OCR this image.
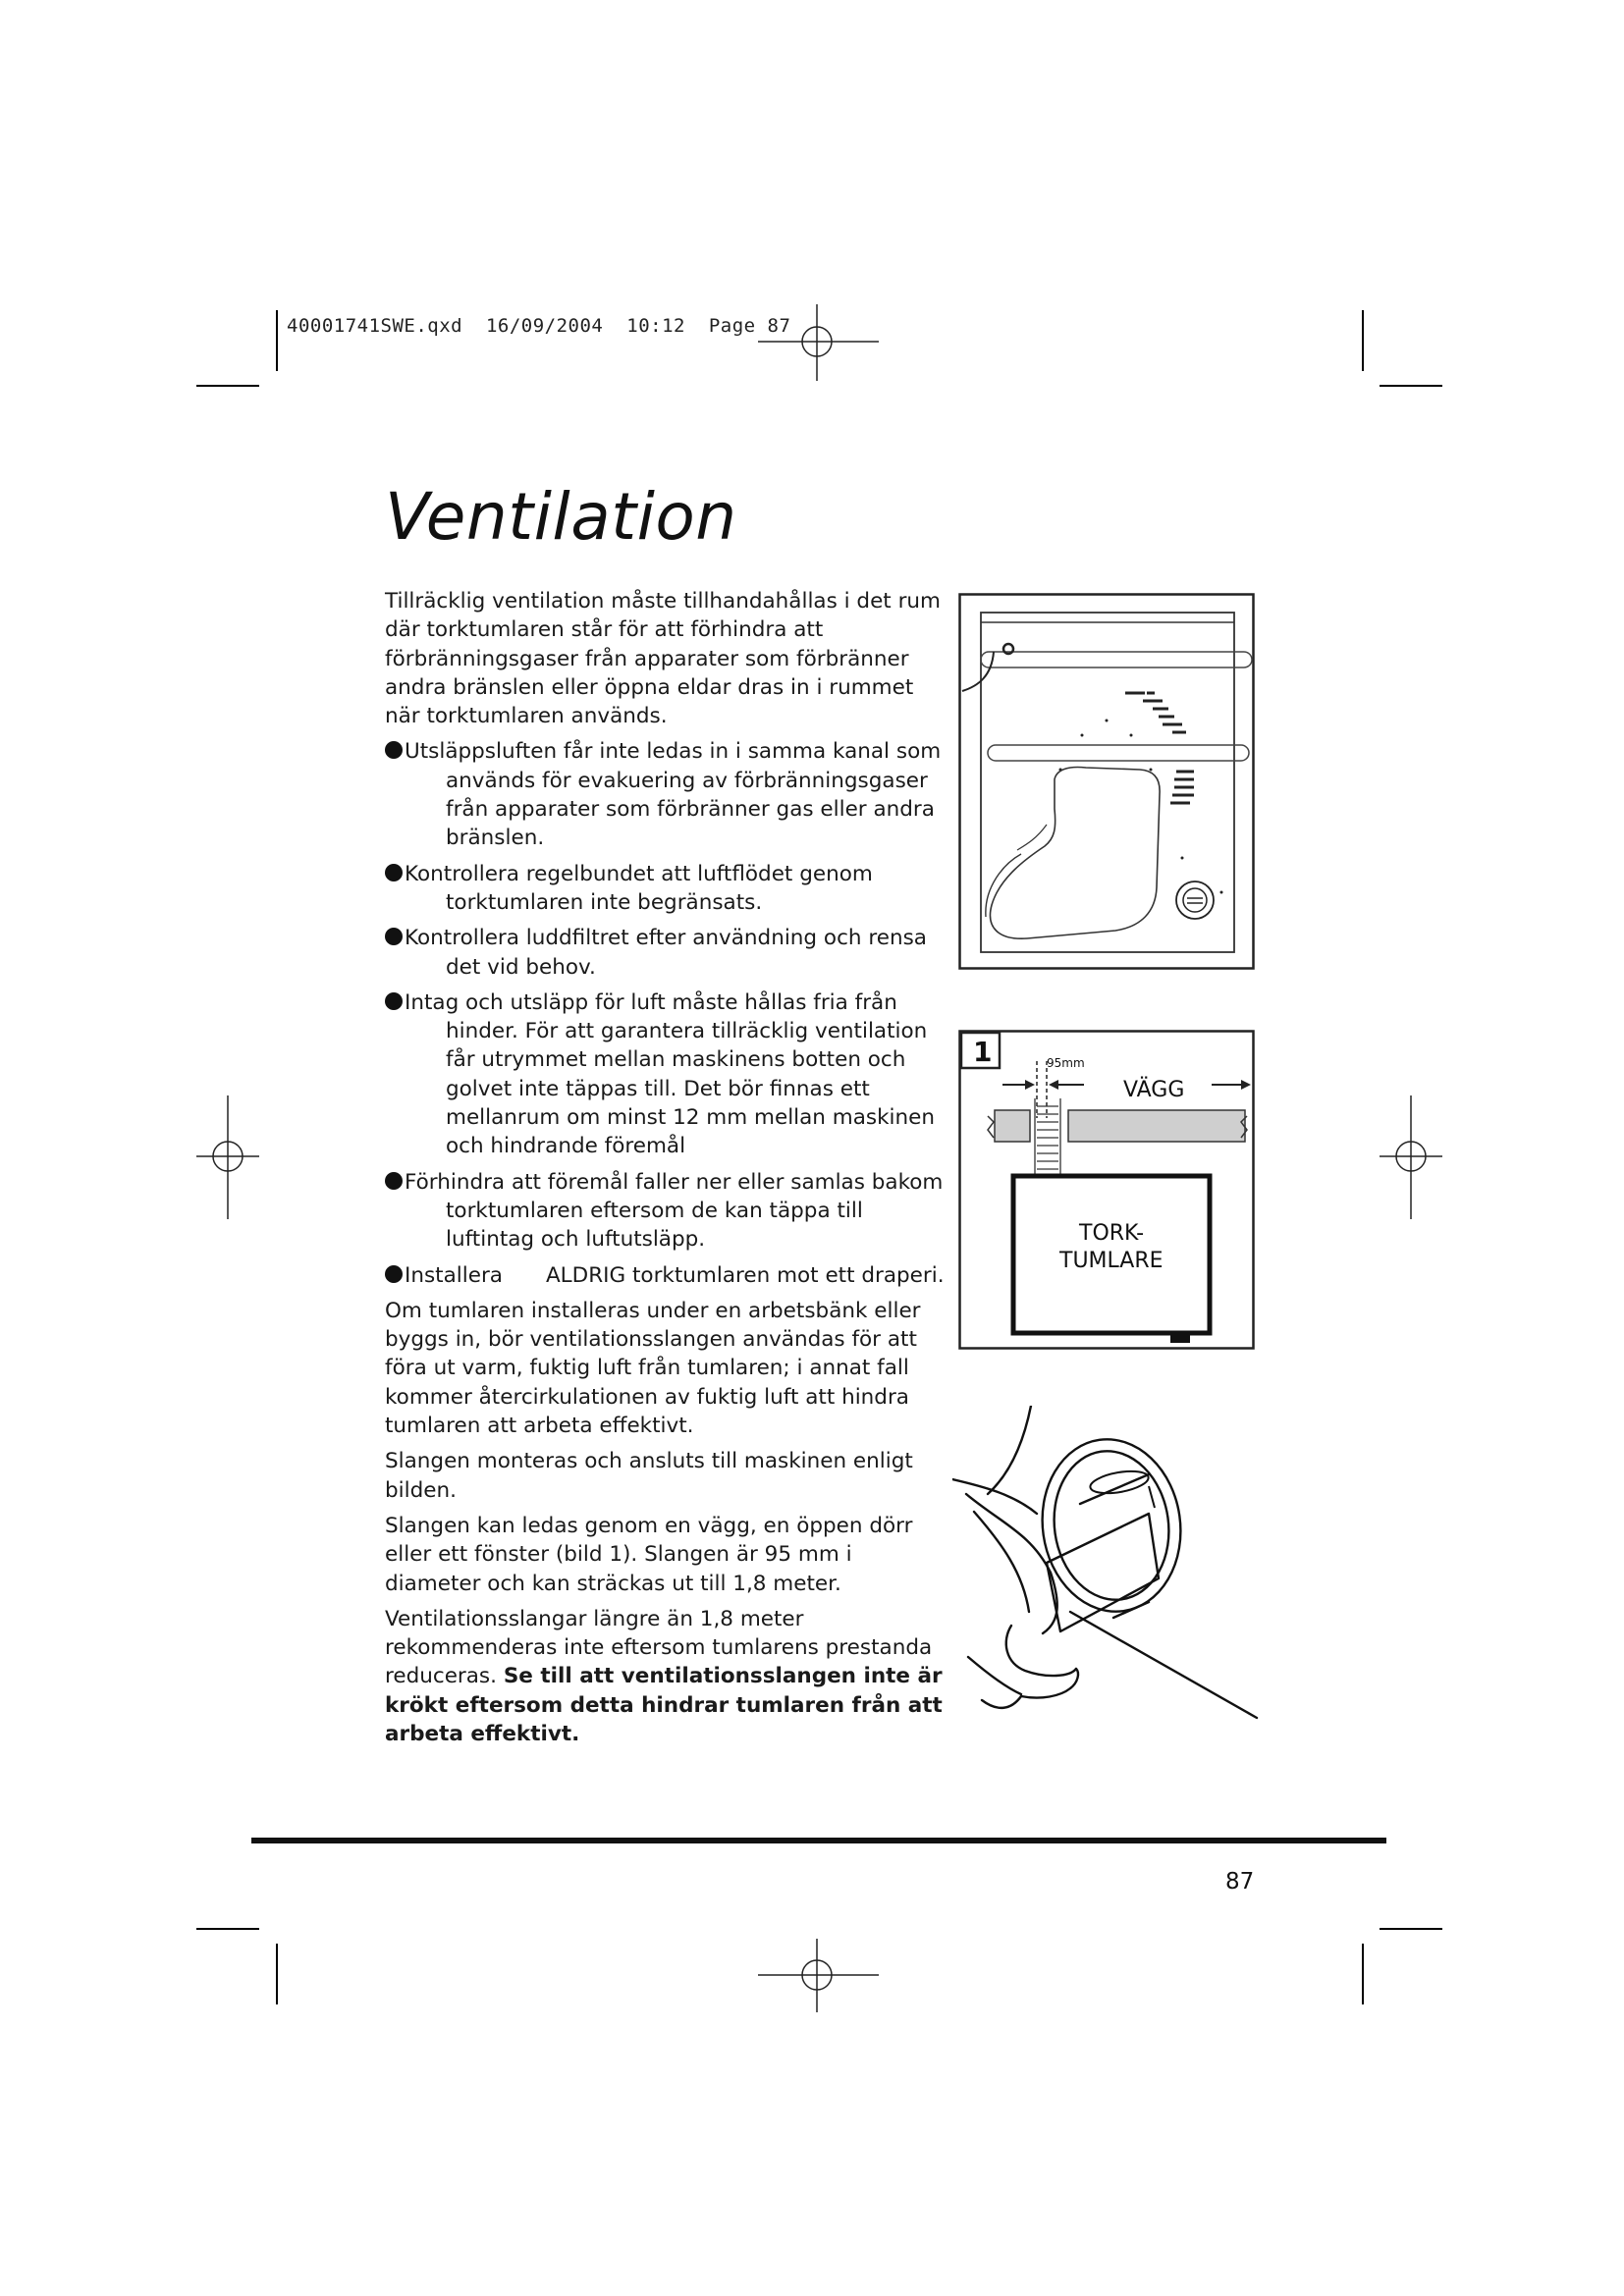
40001741SWE.qxd 16/09/2004 10:12 Page 87
Ventilation

Tillräcklig ventilation måste tillhandahållas i det rum där torktumlaren står för att förhindra att förbränningsgaser från apparater som förbränner andra bränslen eller öppna eldar dras in i rummet när torktumlaren används.

Utsläppsluften får inte ledas in i samma kanal som används för evakuering av förbränningsgaser från apparater som förbränner gas eller andra bränslen.
Kontrollera regelbundet att luftflödet genom torktumlaren inte begränsats.
Kontrollera luddfiltret efter användning och rensa det vid behov.
Intag och utsläpp för luft måste hållas fria från hinder. För att garantera tillräcklig ventilation får utrymmet mellan maskinens botten och golvet inte täppas till. Det bör finnas ett mellanrum om minst 12 mm mellan maskinen och hindrande föremål
Förhindra att föremål faller ner eller samlas bakom torktumlaren eftersom de kan täppa till luftintag och luftutsläpp.
Installera ALDRIG torktumlaren mot ett draperi.

Om tumlaren installeras under en arbetsbänk eller byggs in, bör ventilationsslangen användas för att föra ut varm, fuktig luft från tumlaren; i annat fall kommer återcirkulationen av fuktig luft att hindra tumlaren att arbeta effektivt.

Slangen monteras och ansluts till maskinen enligt bilden.

Slangen kan ledas genom en vägg, en öppen dörr eller ett fönster (bild 1). Slangen är 95 mm i diameter och kan sträckas ut till 1,8 meter.

Ventilationsslangar längre än 1,8 meter rekommenderas inte eftersom tumlarens prestanda reduceras. Se till att ventilationsslangen inte är krökt eftersom detta hindrar tumlaren från att arbeta effektivt.

1	95mm
VÄGG
TORK-
TUMLARE
87
